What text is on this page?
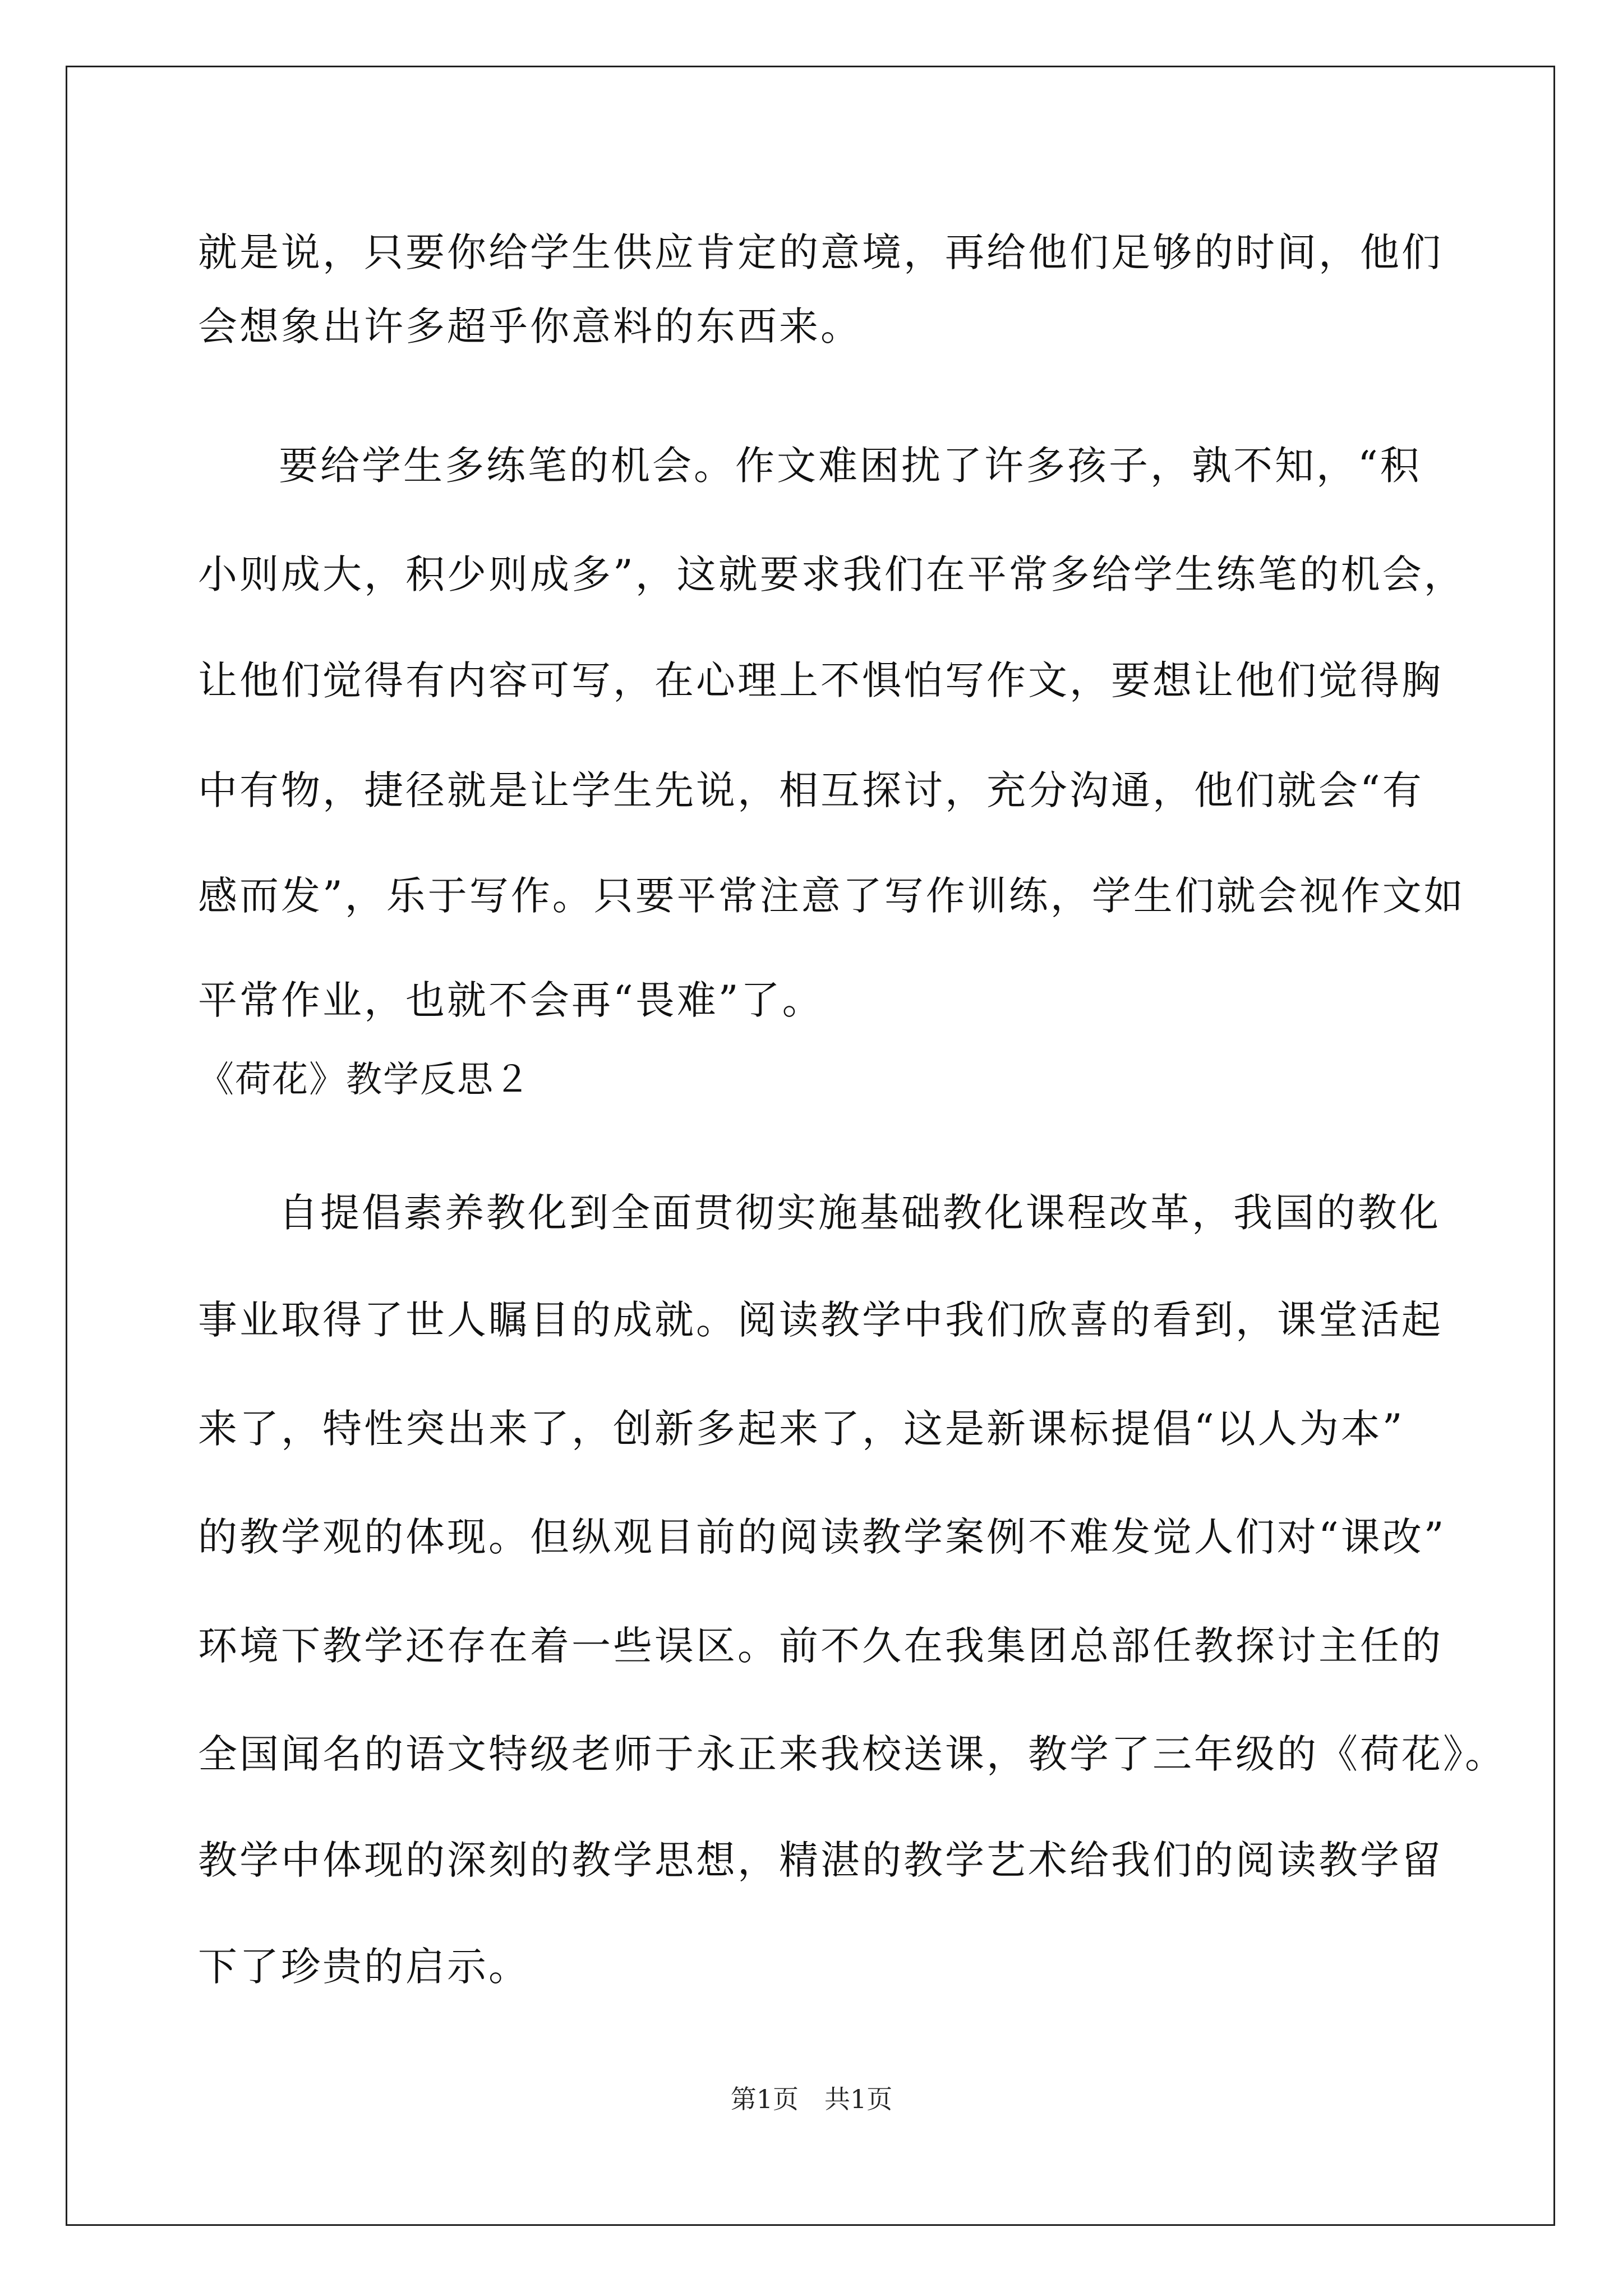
就是说，只要你给学生供应肯定的意境，再给他们足够的时间，他们

会想象出许多超乎你意料的东西来。

要给学生多练笔的机会。作文难困扰了许多孩子，孰不知，“积

小则成大，积少则成多”，这就要求我们在平常多给学生练笔的机会，

让他们觉得有内容可写，在心理上不惧怕写作文，要想让他们觉得胸

中有物，捷径就是让学生先说，相互探讨，充分沟通，他们就会“有

感而发”，乐于写作。只要平常注意了写作训练，学生们就会视作文如

平常作业，也就不会再“畏难”了。

《荷花》教学反思２

自提倡素养教化到全面贯彻实施基础教化课程改革，我国的教化

事业取得了世人瞩目的成就。阅读教学中我们欣喜的看到，课堂活起

来了，特性突出来了，创新多起来了，这是新课标提倡“以人为本”

的教学观的体现。但纵观目前的阅读教学案例不难发觉人们对“课改”

环境下教学还存在着一些误区。前不久在我集团总部任教探讨主任的

全国闻名的语文特级老师于永正来我校送课，教学了三年级的《荷花》。

教学中体现的深刻的教学思想，精湛的教学艺术给我们的阅读教学留

下了珍贵的启示。

第1页　共1页
